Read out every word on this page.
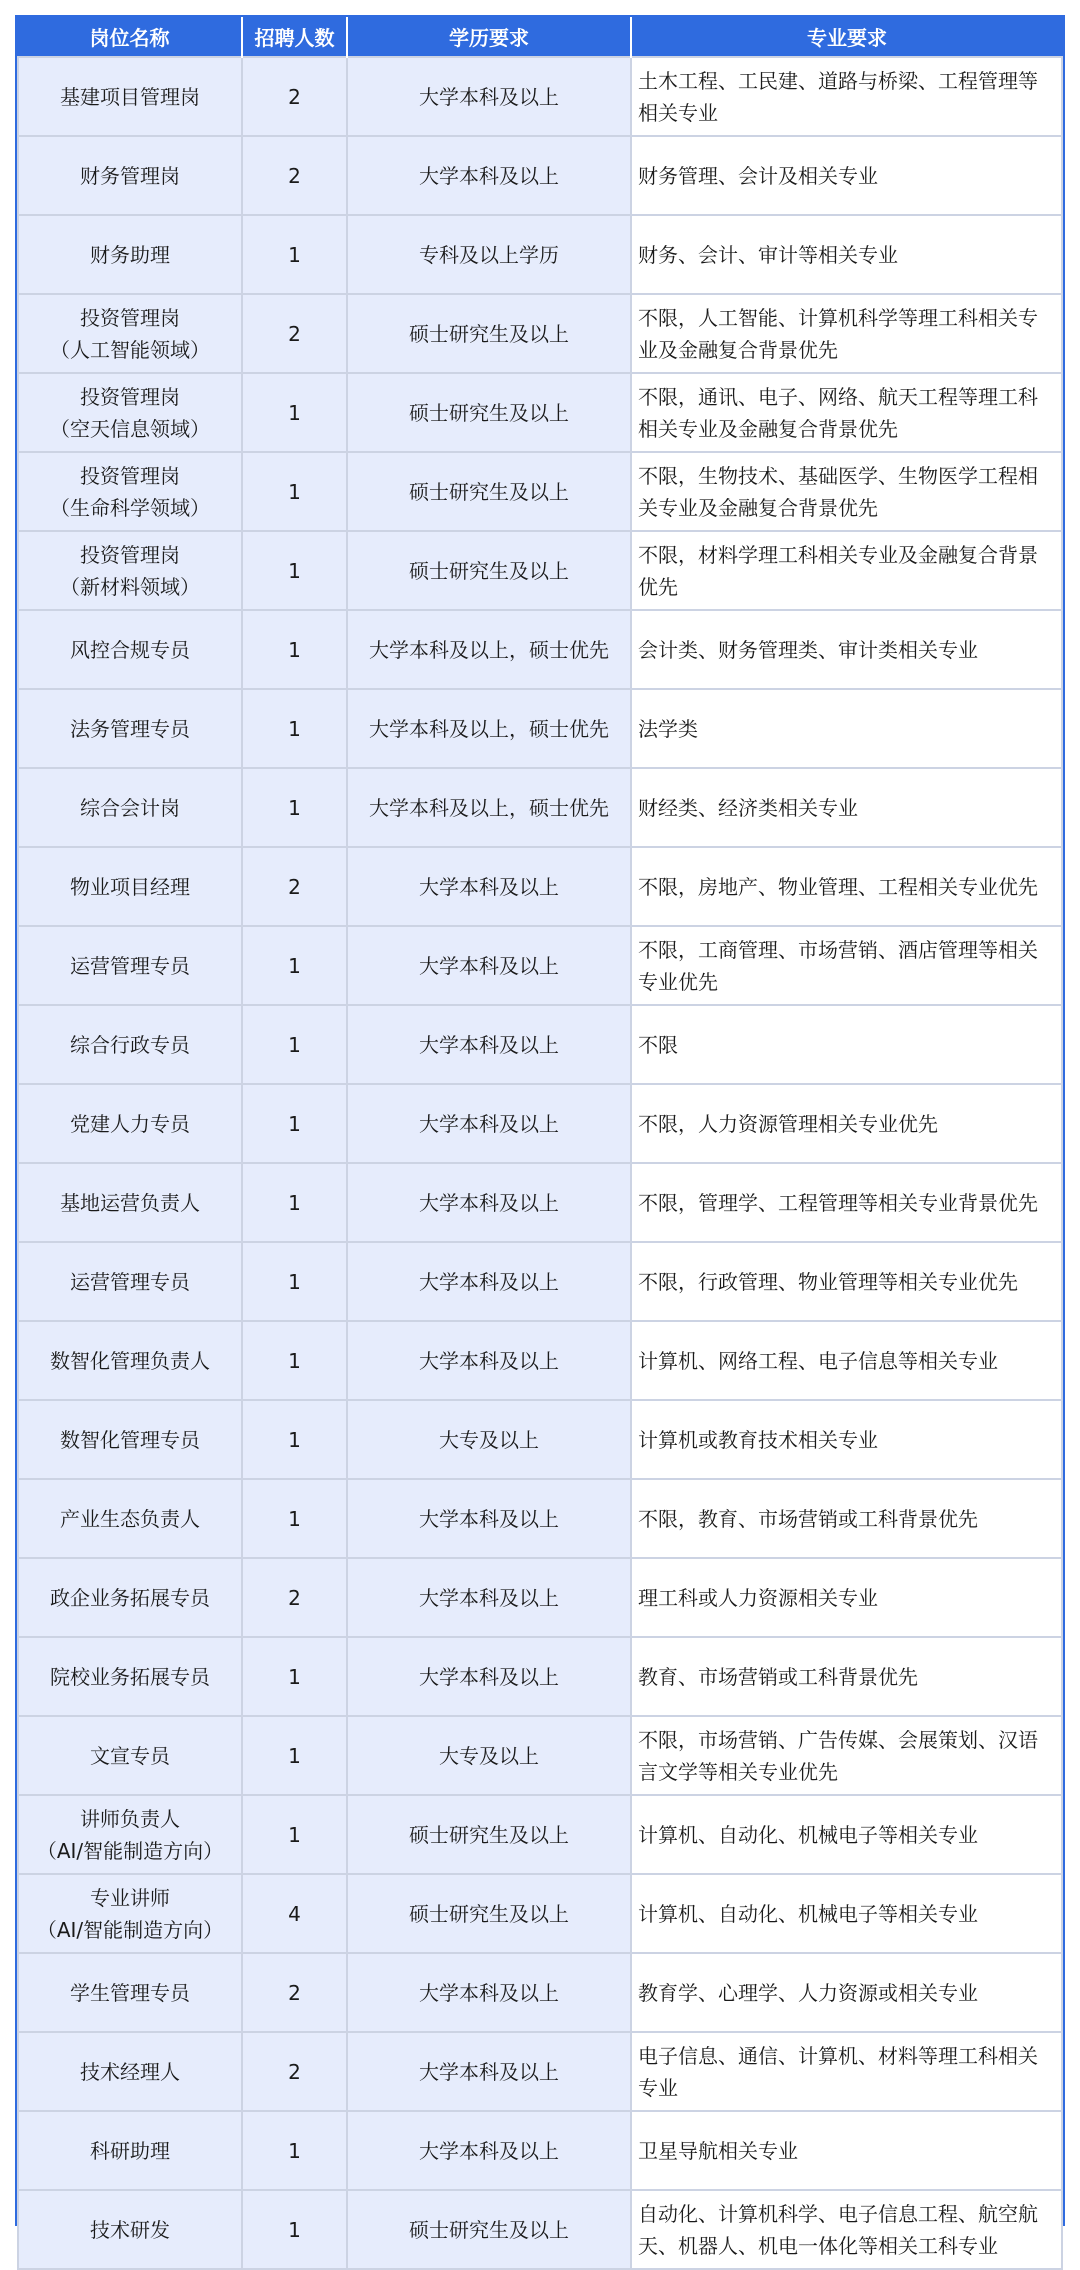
岗位名称	招聘人数	学历要求	专业要求

基建项目管理岗	2	大学本科及以上	土木工程、工民建、道路与桥梁、工程管理等相关专业

财务管理岗	2	大学本科及以上	财务管理、会计及相关专业

财务助理	1	专科及以上学历	财务、会计、审计等相关专业

投资管理岗
（人工智能领域）	2	硕士研究生及以上	不限，人工智能、计算机科学等理工科相关专业及金融复合背景优先

投资管理岗
（空天信息领域）	1	硕士研究生及以上	不限，通讯、电子、网络、航天工程等理工科相关专业及金融复合背景优先

投资管理岗
（生命科学领域）	1	硕士研究生及以上	不限，生物技术、基础医学、生物医学工程相关专业及金融复合背景优先

投资管理岗
（新材料领域）	1	硕士研究生及以上	不限，材料学理工科相关专业及金融复合背景优先

风控合规专员	1	大学本科及以上，硕士优先	会计类、财务管理类、审计类相关专业

法务管理专员	1	大学本科及以上，硕士优先	法学类

综合会计岗	1	大学本科及以上，硕士优先	财经类、经济类相关专业

物业项目经理	2	大学本科及以上	不限，房地产、物业管理、工程相关专业优先

运营管理专员	1	大学本科及以上	不限，工商管理、市场营销、酒店管理等相关专业优先

综合行政专员	1	大学本科及以上	不限

党建人力专员	1	大学本科及以上	不限，人力资源管理相关专业优先

基地运营负责人	1	大学本科及以上	不限，管理学、工程管理等相关专业背景优先

运营管理专员	1	大学本科及以上	不限，行政管理、物业管理等相关专业优先

数智化管理负责人	1	大学本科及以上	计算机、网络工程、电子信息等相关专业

数智化管理专员	1	大专及以上	计算机或教育技术相关专业

产业生态负责人	1	大学本科及以上	不限，教育、市场营销或工科背景优先

政企业务拓展专员	2	大学本科及以上	理工科或人力资源相关专业

院校业务拓展专员	1	大学本科及以上	教育、市场营销或工科背景优先

文宣专员	1	大专及以上	不限，市场营销、广告传媒、会展策划、汉语言文学等相关专业优先

讲师负责人
（AI/智能制造方向）	1	硕士研究生及以上	计算机、自动化、机械电子等相关专业

专业讲师
（AI/智能制造方向）	4	硕士研究生及以上	计算机、自动化、机械电子等相关专业

学生管理专员	2	大学本科及以上	教育学、心理学、人力资源或相关专业

技术经理人	2	大学本科及以上	电子信息、通信、计算机、材料等理工科相关专业

科研助理	1	大学本科及以上	卫星导航相关专业

技术研发	1	硕士研究生及以上	自动化、计算机科学、电子信息工程、航空航天、机器人、机电一体化等相关工科专业
